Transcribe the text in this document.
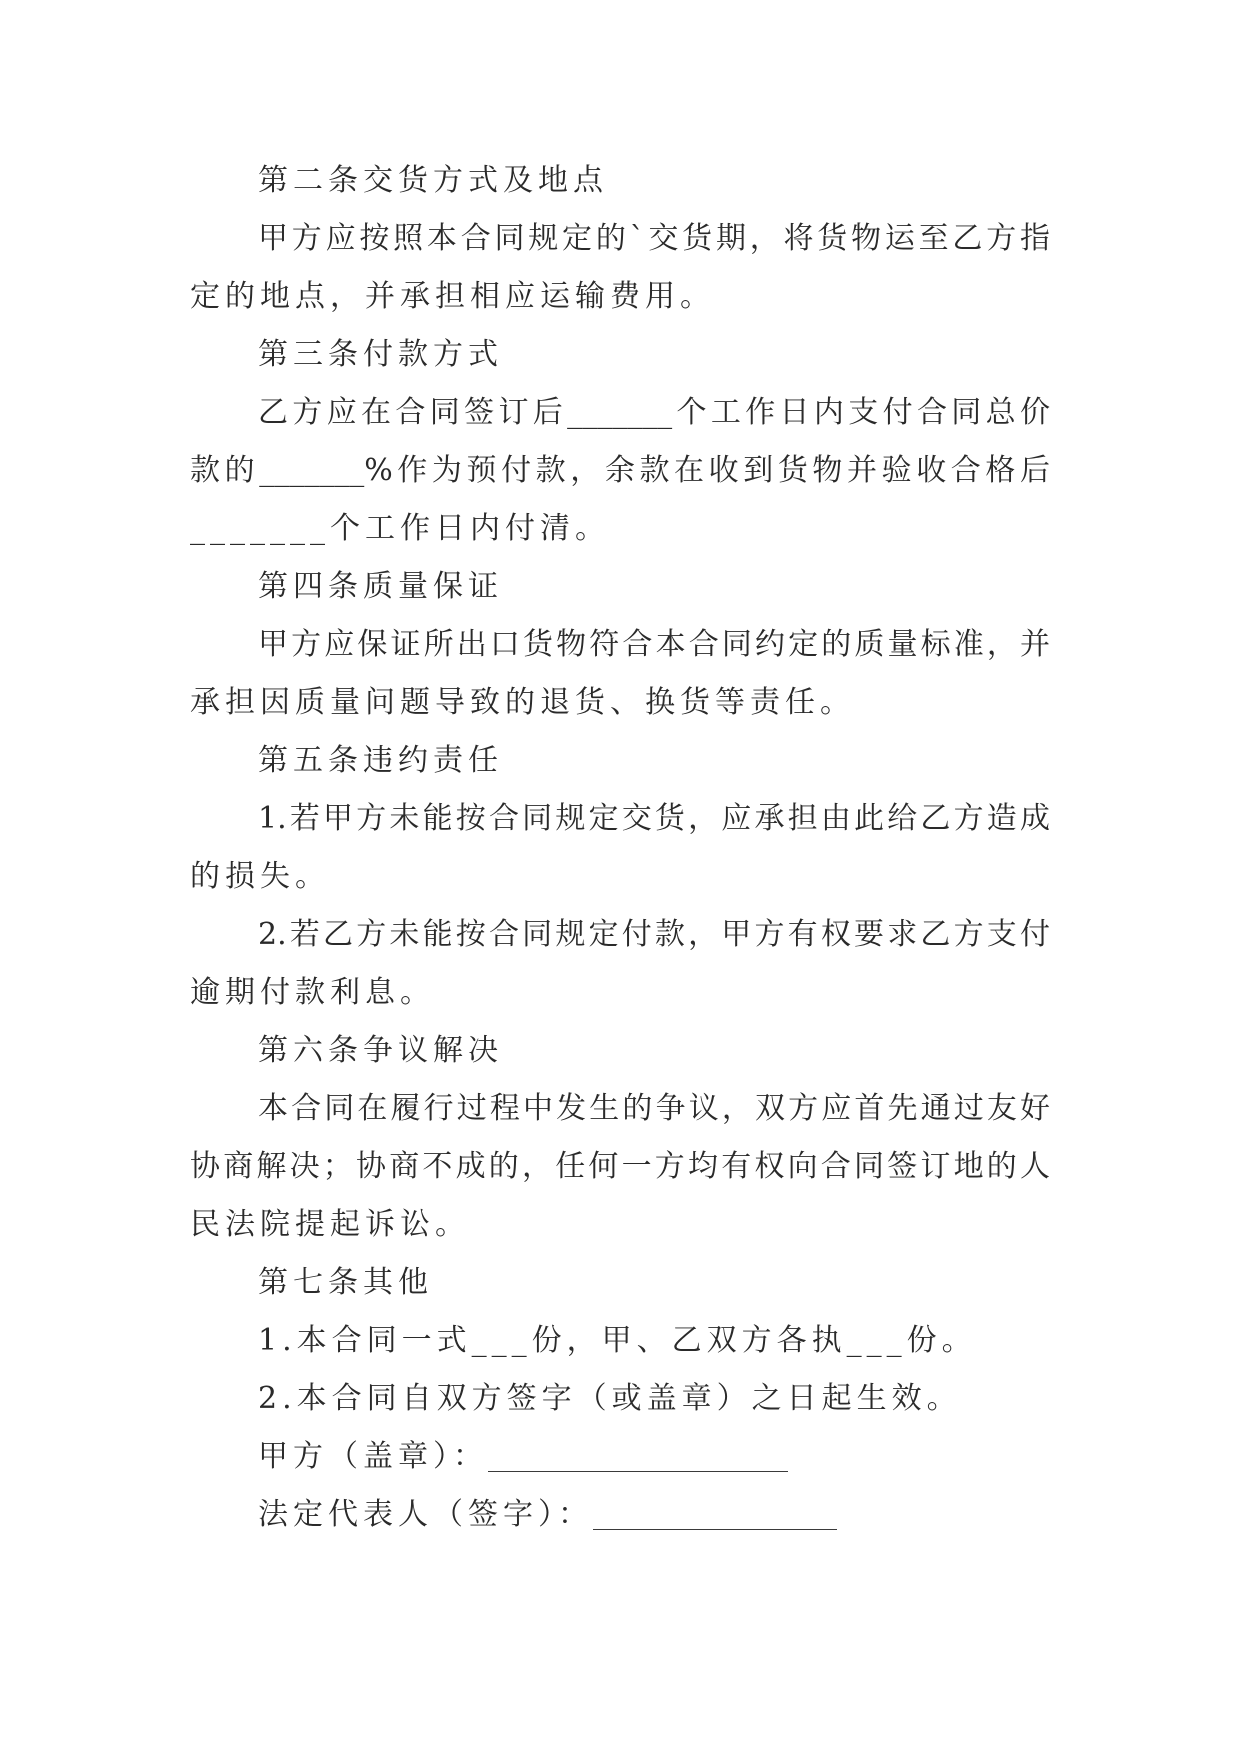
第二条交货方式及地点
甲方应按照本合同规定的`交货期，将货物运至乙方指
定的地点，并承担相应运输费用。
第三条付款方式
乙方应在合同签订后_______个工作日内支付合同总价
款的_______%作为预付款，余款在收到货物并验收合格后
_______个工作日内付清。
第四条质量保证
甲方应保证所出口货物符合本合同约定的质量标准，并
承担因质量问题导致的退货、换货等责任。
第五条违约责任
1.若甲方未能按合同规定交货，应承担由此给乙方造成
的损失。
2.若乙方未能按合同规定付款，甲方有权要求乙方支付
逾期付款利息。
第六条争议解决
本合同在履行过程中发生的争议，双方应首先通过友好
协商解决；协商不成的，任何一方均有权向合同签订地的人
民法院提起诉讼。
第七条其他
1.本合同一式___份，甲、乙双方各执___份。
2.本合同自双方签字（或盖章）之日起生效。
甲方（盖章）：
法定代表人（签字）：
